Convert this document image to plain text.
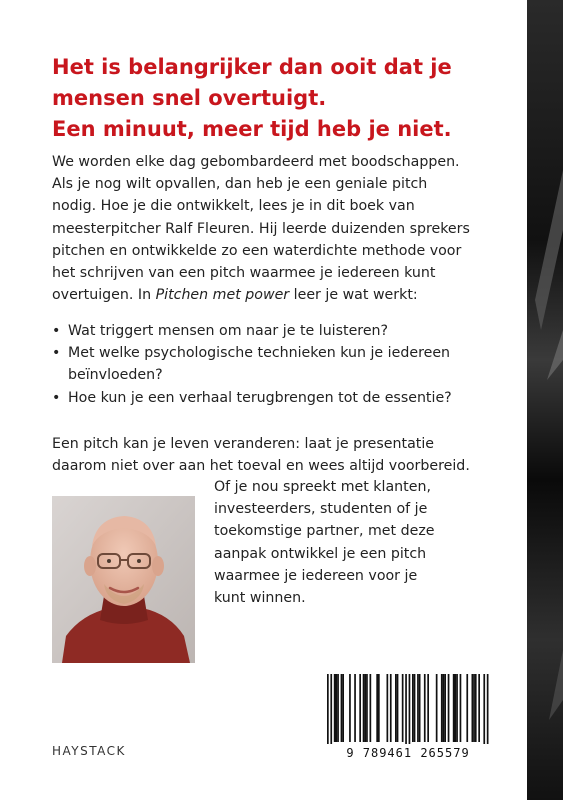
Het is belangrijker dan ooit dat je
mensen snel overtuigt.
Een minuut, meer tijd heb je niet.

We worden elke dag gebombardeerd met boodschappen.
Als je nog wilt opvallen, dan heb je een geniale pitch
nodig. Hoe je die ontwikkelt, lees je in dit boek van
meesterpitcher Ralf Fleuren. Hij leerde duizenden sprekers
pitchen en ontwikkelde zo een waterdichte methode voor
het schrijven van een pitch waarmee je iedereen kunt
overtuigen. In Pitchen met power leer je wat werkt:

• Wat triggert mensen om naar je te luisteren?
• Met welke psychologische technieken kun je iedereen
beïnvloeden?
• Hoe kun je een verhaal terugbrengen tot de essentie?

Een pitch kan je leven veranderen: laat je presentatie
daarom niet over aan het toeval en wees altijd voorbereid.

Of je nou spreekt met klanten,
investeerders, studenten of je
toekomstige partner, met deze
aanpak ontwikkel je een pitch
waarmee je iedereen voor je
kunt winnen.

HAYSTACK	9 789461 265579
